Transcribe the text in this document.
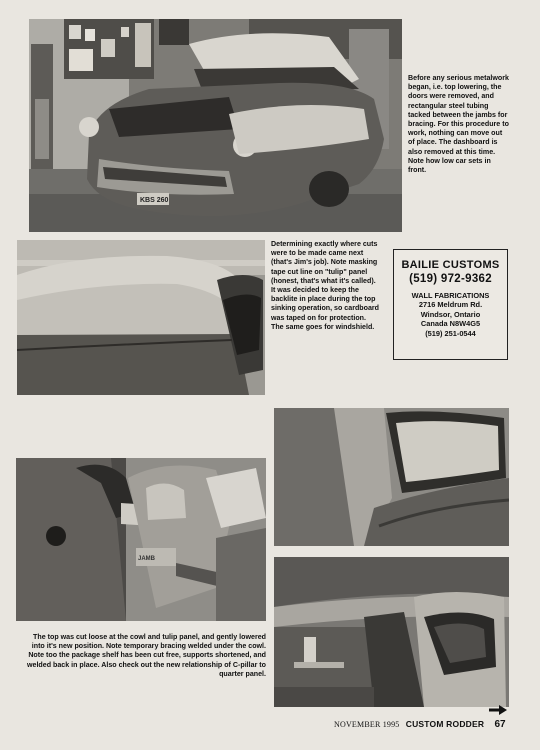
KBS 260

Before any serious metalwork began, i.e. top lowering, the doors were removed, and rectangular steel tubing tacked between the jambs for bracing. For this procedure to work, nothing can move out of place. The dashboard is also removed at this time. Note how low car sets in front.

Determining exactly where cuts were to be made came next (that's Jim's job). Note masking tape cut line on "tulip" panel (honest, that's what it's called). It was decided to keep the backlite in place during the top sinking operation, so cardboard was taped on for protection. The same goes for windshield.

BAILIE CUSTOMS
(519) 972-9362
WALL FABRICATIONS
2716 Meldrum Rd.
Windsor, Ontario
Canada N8W4G5
(519) 251-0544
JAMB

The top was cut loose at the cowl and tulip panel, and gently lowered into it's new position. Note temporary bracing welded under the cowl. Note too the package shelf has been cut free, supports shortened, and welded back in place. Also check out the new relationship of C-pillar to quarter panel.

NOVEMBER 1995 CUSTOM RODDER 67
